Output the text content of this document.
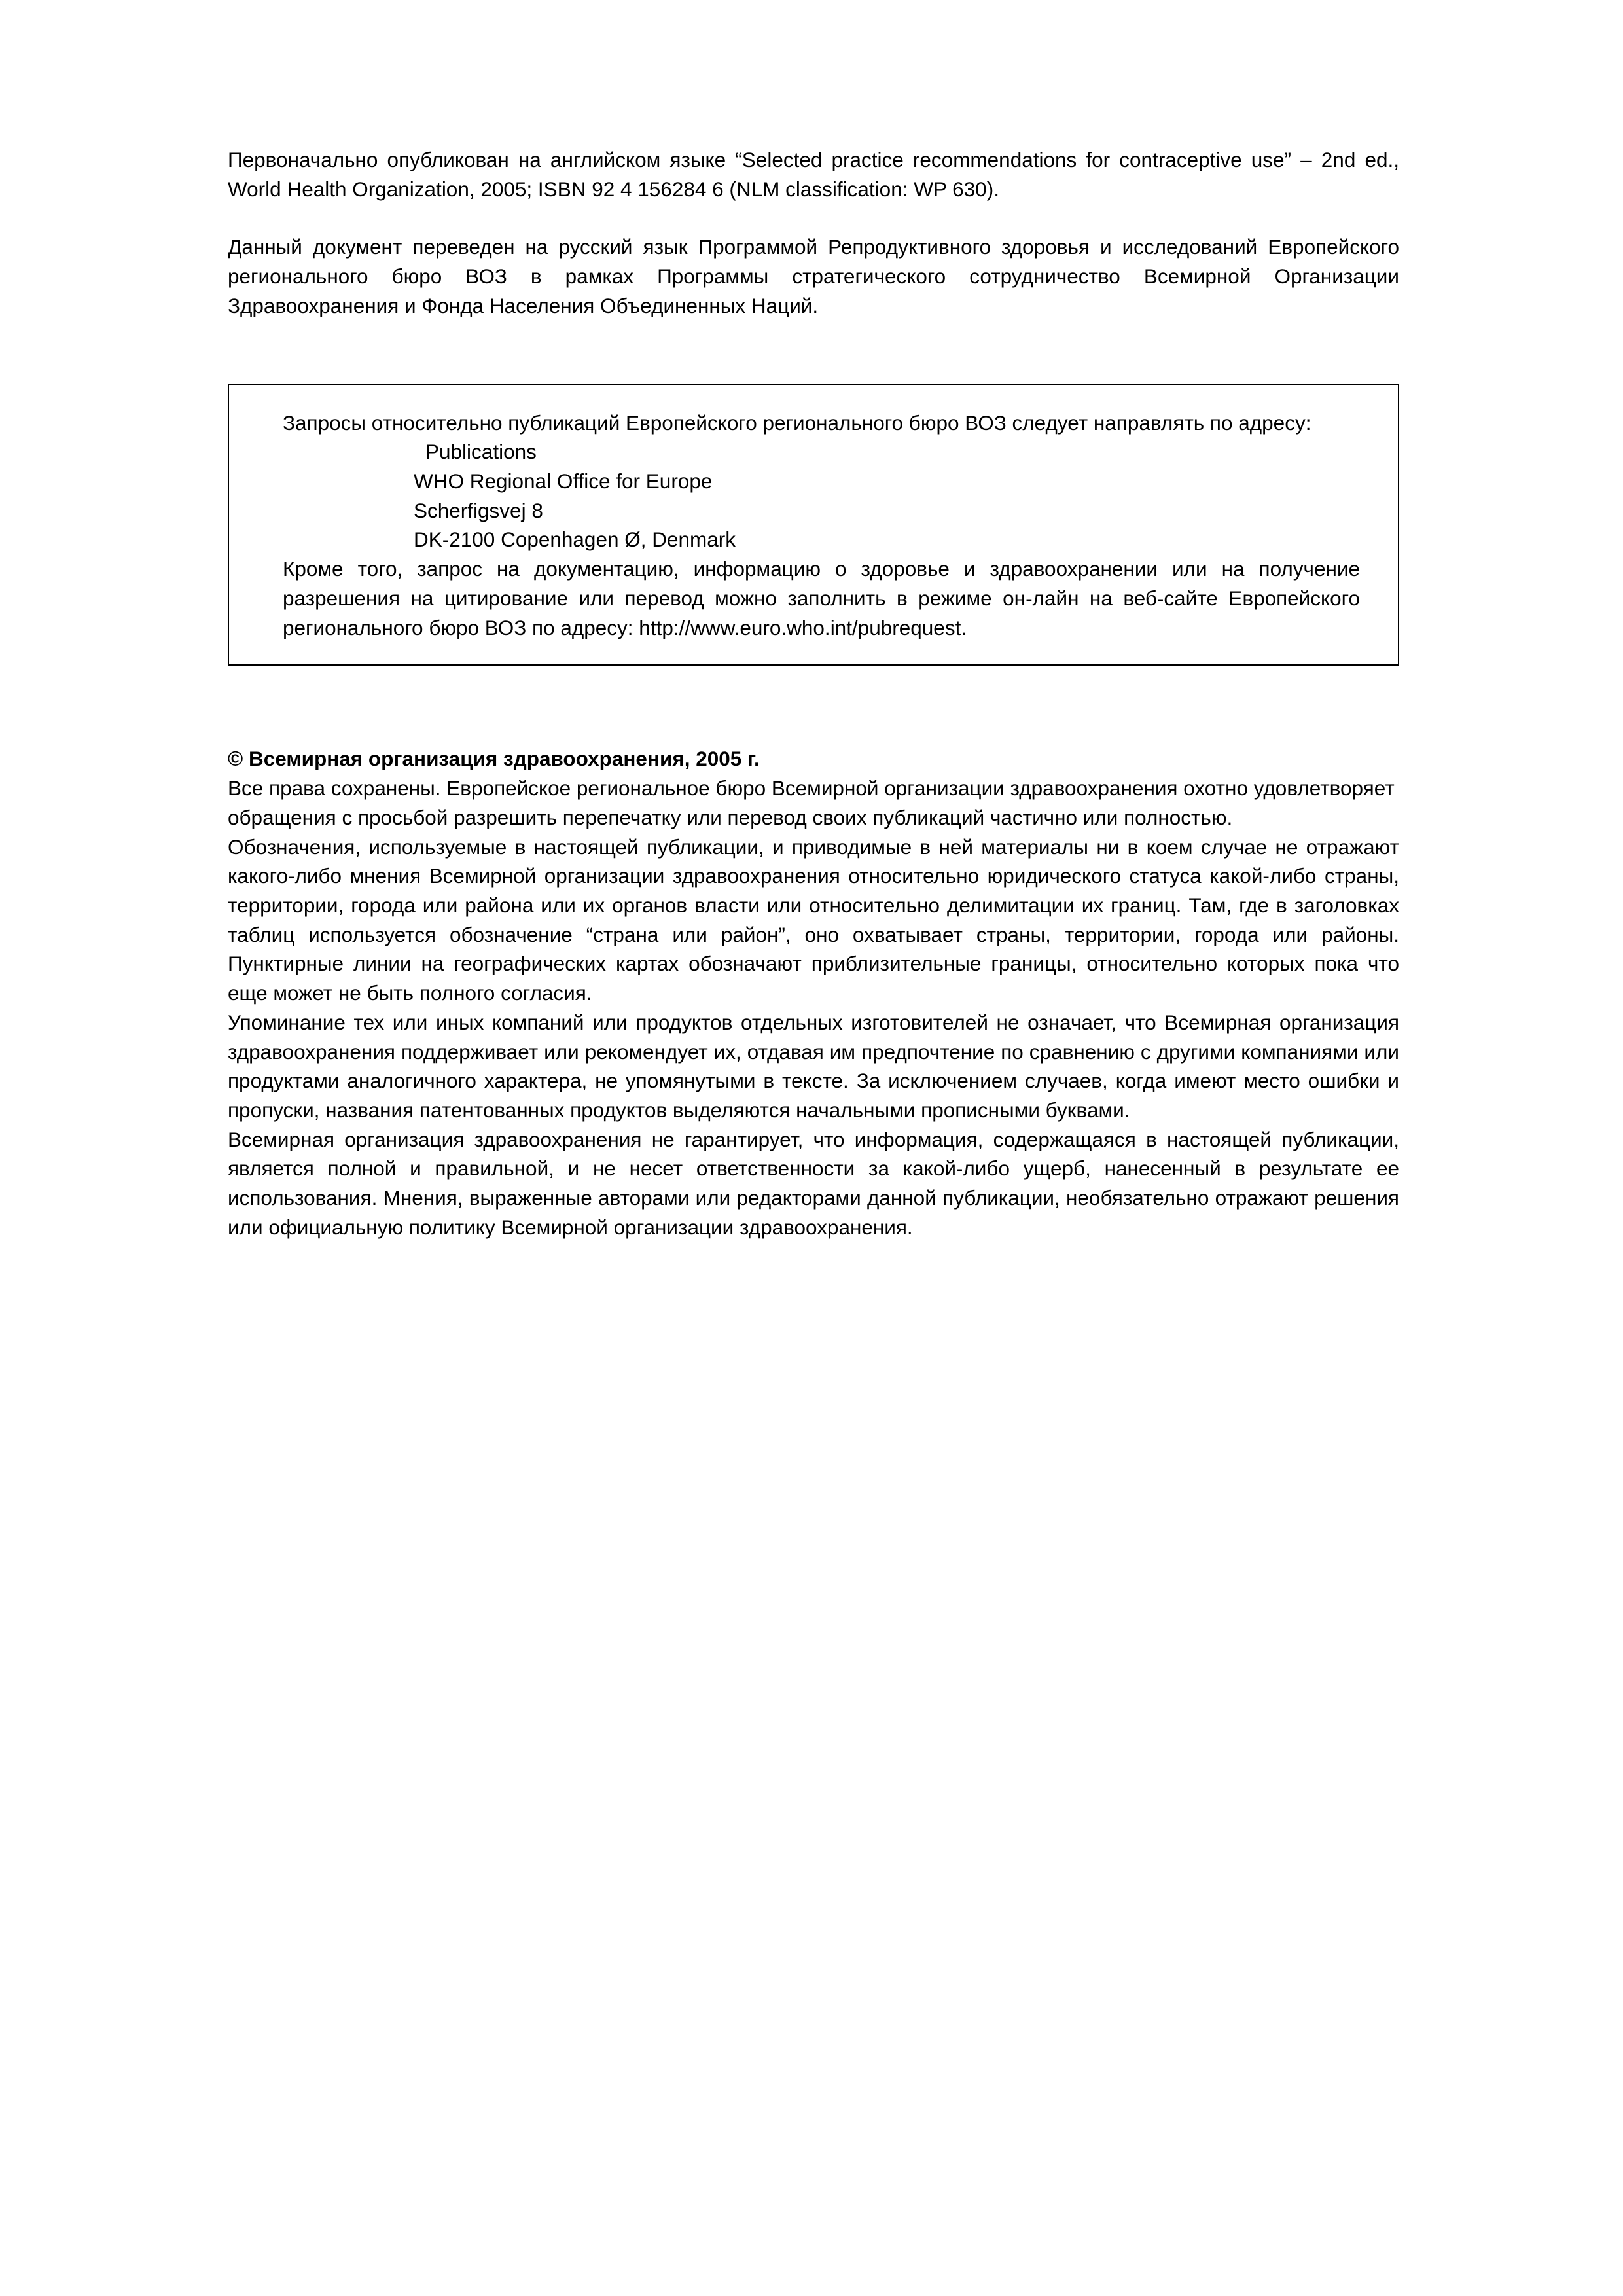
Первоначально опубликован на английском языке “Selected practice recommendations for contraceptive use” – 2nd ed., World Health Organization, 2005; ISBN 92 4 156284 6 (NLM classification: WP 630).

Данный документ переведен на русский язык Программой Репродуктивного здоровья и исследований Европейского регионального бюро ВОЗ в рамках Программы стратегического сотрудничество Всемирной Организации Здравоохранения и Фонда Населения Объединенных Наций.

Запросы относительно публикаций Европейского регионального бюро ВОЗ следует направлять по адресу:

Publications

WHO Regional Office for Europe

Scherfigsvej 8

DK-2100 Copenhagen Ø, Denmark

Кроме того, запрос на документацию, информацию о здоровье и здравоохранении или на получение разрешения на цитирование или перевод можно заполнить в режиме он-лайн на веб-сайте Европейского регионального бюро ВОЗ по адресу: http://www.euro.who.int/pubrequest.

© Всемирная организация здравоохранения, 2005 г.

Все права сохранены. Европейское региональное бюро Всемирной организации здравоохранения охотно удовлетворяет обращения с просьбой разрешить перепечатку или перевод своих публикаций частично или полностью.

Обозначения, используемые в настоящей публикации, и приводимые в ней материалы ни в коем случае не отражают какого-либо мнения Всемирной организации здравоохранения относительно юридического статуса какой-либо страны, территории, города или района или их органов власти или относительно делимитации их границ. Там, где в заголовках таблиц используется обозначение “страна или район”, оно охватывает страны, территории, города или районы. Пунктирные линии на географических картах обозначают приблизительные границы, относительно которых пока что еще может не быть полного согласия.

Упоминание тех или иных компаний или продуктов отдельных изготовителей не означает, что Всемирная организация здравоохранения поддерживает или рекомендует их, отдавая им предпочтение по сравнению с другими компаниями или продуктами аналогичного характера, не упомянутыми в тексте. За исключением случаев, когда имеют место ошибки и пропуски, названия патентованных продуктов выделяются начальными прописными буквами.

Всемирная организация здравоохранения не гарантирует, что информация, содержащаяся в настоящей публикации, является полной и правильной, и не несет ответственности за какой-либо ущерб, нанесенный в результате ее использования. Мнения, выраженные авторами или редакторами данной публикации, необязательно отражают решения или официальную политику Всемирной организации здравоохранения.
